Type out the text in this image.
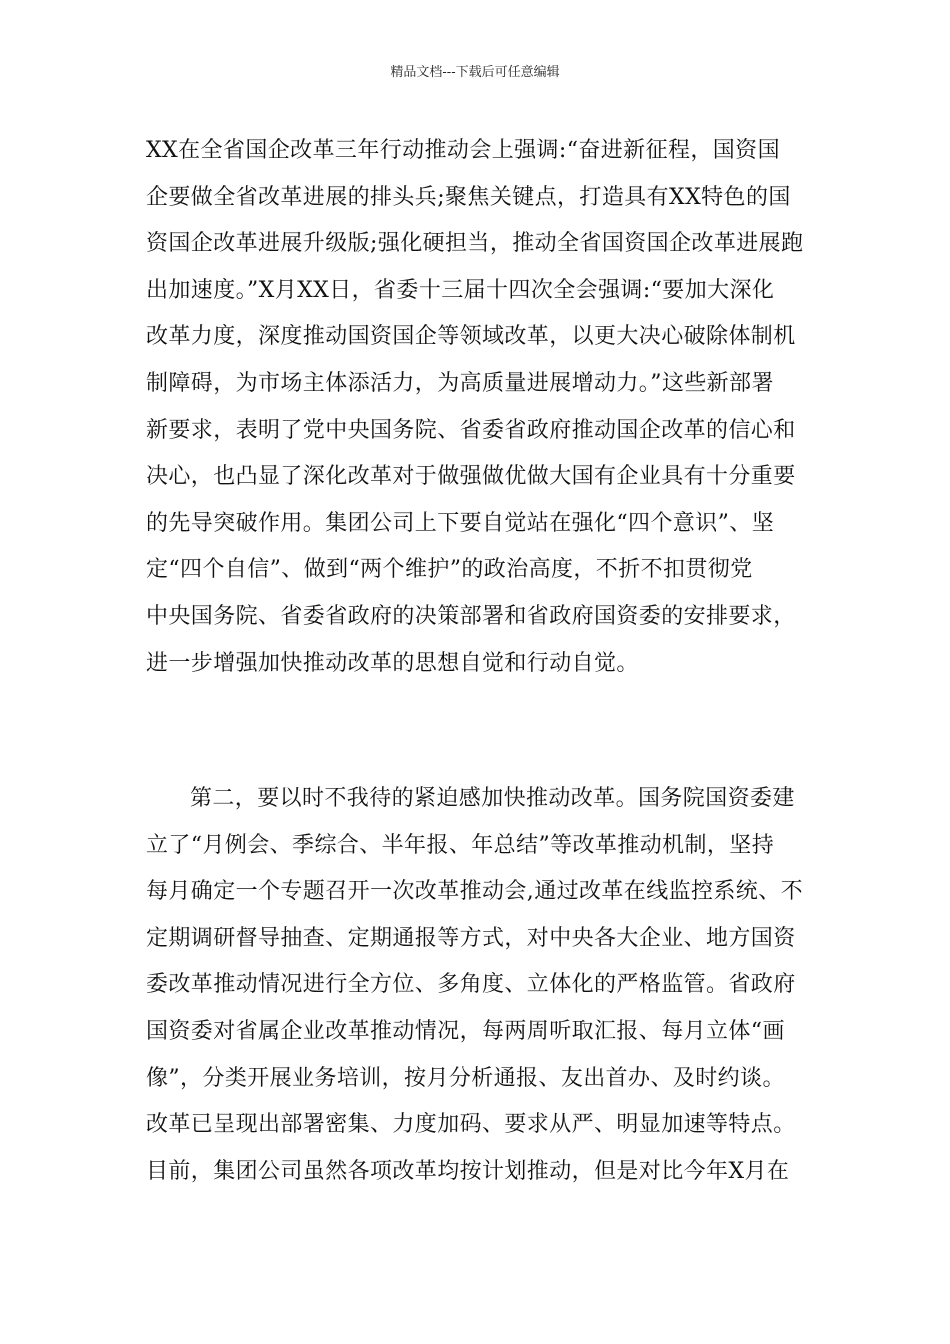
精品文档---下载后可任意编辑
XX在全省国企改革三年行动推动会上强调:“奋进新征程，国资国
企要做全省改革进展的排头兵;聚焦关键点，打造具有XX特色的国
资国企改革进展升级版;强化硬担当，推动全省国资国企改革进展跑
出加速度。”X月XX日，省委十三届十四次全会强调:“要加大深化
改革力度，深度推动国资国企等领域改革，以更大决心破除体制机
制障碍，为市场主体添活力，为高质量进展增动力。”这些新部署
新要求，表明了党中央国务院、省委省政府推动国企改革的信心和
决心，也凸显了深化改革对于做强做优做大国有企业具有十分重要
的先导突破作用。集团公司上下要自觉站在强化“四个意识”、坚
定“四个自信”、做到“两个维护”的政治高度，不折不扣贯彻党
中央国务院、省委省政府的决策部署和省政府国资委的安排要求，
进一步增强加快推动改革的思想自觉和行动自觉。
第二，要以时不我待的紧迫感加快推动改革。国务院国资委建
立了“月例会、季综合、半年报、年总结”等改革推动机制，坚持
每月确定一个专题召开一次改革推动会,通过改革在线监控系统、不
定期调研督导抽查、定期通报等方式，对中央各大企业、地方国资
委改革推动情况进行全方位、多角度、立体化的严格监管。省政府
国资委对省属企业改革推动情况，每两周听取汇报、每月立体“画
像”，分类开展业务培训，按月分析通报、友出首办、及时约谈。
改革已呈现出部署密集、力度加码、要求从严、明显加速等特点。
目前，集团公司虽然各项改革均按计划推动，但是对比今年X月在
